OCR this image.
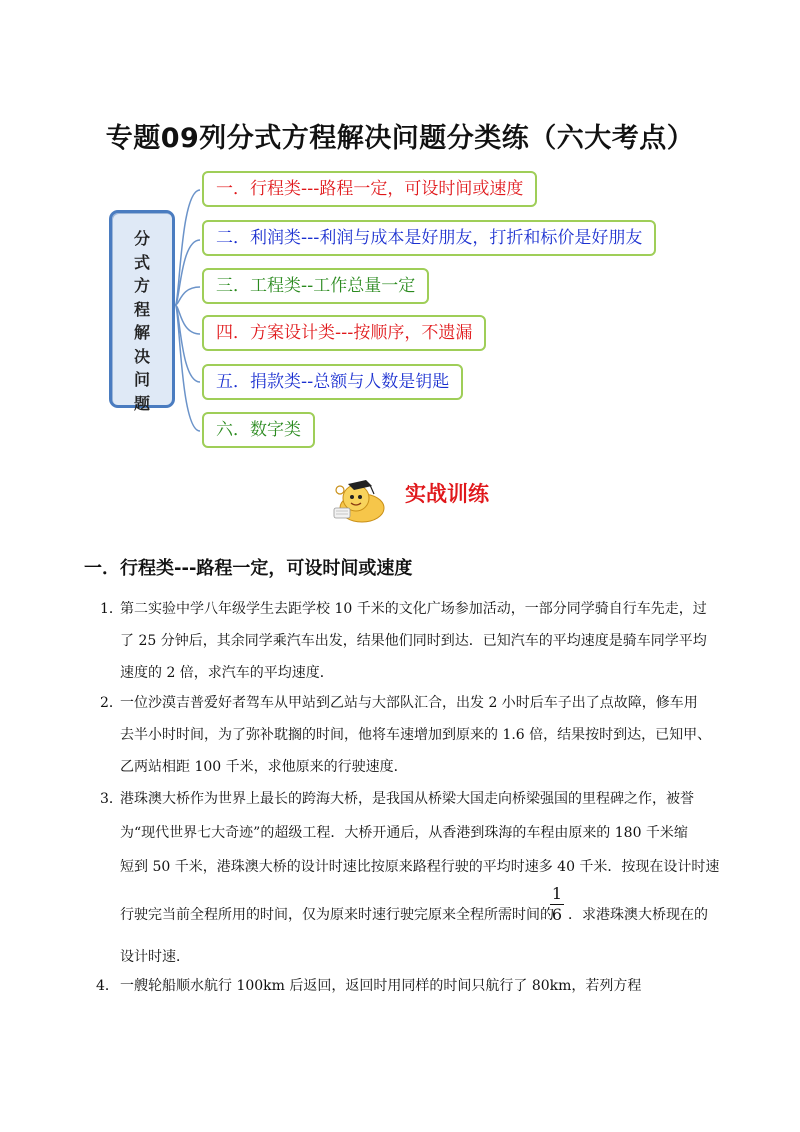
专题09列分式方程解决问题分类练（六大考点）
分
式
方
程
解
决
问
题
一．行程类---路程一定，可设时间或速度
二．利润类---利润与成本是好朋友，打折和标价是好朋友
三．工程类--工作总量一定
四．方案设计类---按顺序，不遗漏
五．捐款类--总额与人数是钥匙
六．数字类
实战训练
一．行程类---路程一定，可设时间或速度
1．
第二实验中学八年级学生去距学校 10 千米的文化广场参加活动，一部分同学骑自行车先走，过
了 25 分钟后，其余同学乘汽车出发，结果他们同时到达．已知汽车的平均速度是骑车同学平均
速度的 2 倍，求汽车的平均速度．
2．
一位沙漠吉普爱好者驾车从甲站到乙站与大部队汇合，出发 2 小时后车子出了点故障，修车用
去半小时时间，为了弥补耽搁的时间，他将车速增加到原来的 1.6 倍，结果按时到达，已知甲、
乙两站相距 100 千米，求他原来的行驶速度．
3．
港珠澳大桥作为世界上最长的跨海大桥，是我国从桥梁大国走向桥梁强国的里程碑之作，被誉
为“现代世界七大奇迹”的超级工程．大桥开通后，从香港到珠海的车程由原来的 180 千米缩
短到 50 千米，港珠澳大桥的设计时速比按原来路程行驶的平均时速多 40 千米．按现在设计时速
行驶完当前全程所用的时间，仅为原来时速行驶完原来全程所需时间的
1
6 ．求港珠澳大桥现在的
设计时速．
4． 一艘轮船顺水航行 100km 后返回，返回时用同样的时间只航行了 80km，若列方程
